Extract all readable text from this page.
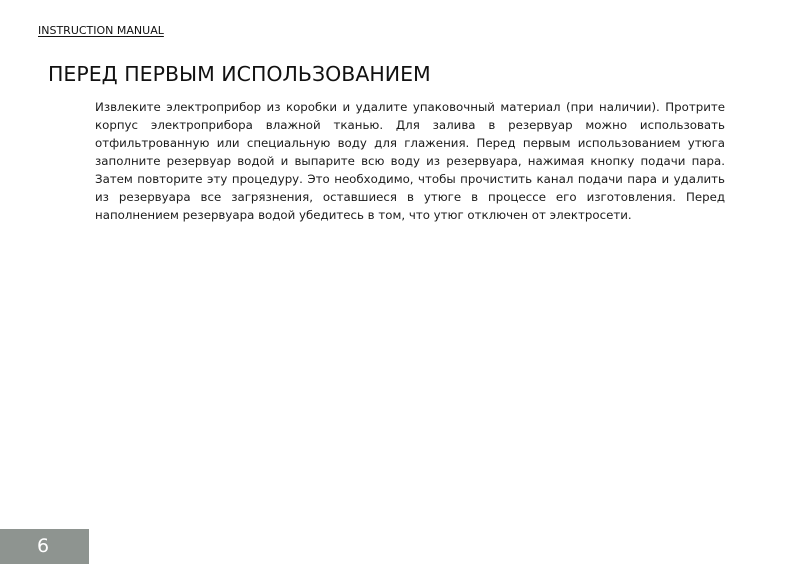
INSTRUCTION MANUAL
ПЕРЕД ПЕРВЫМ ИСПОЛЬЗОВАНИЕМ

Извлеките электроприбор из коробки и удалите упаковочный материал (при наличии). Протрите корпус электроприбора влажной тканью. Для залива в резервуар можно использовать отфильтрованную или специальную воду для глажения. Перед первым использованием утюга заполните резервуар водой и выпарите всю воду из резервуара, нажимая кнопку подачи пара. Затем повторите эту процедуру. Это необходимо, чтобы прочистить канал подачи пара и удалить из резервуара все загрязнения, оставшиеся в утюге в процессе его изготовления. Перед наполнением резервуара водой убедитесь в том, что утюг отключен от электросети.

6
